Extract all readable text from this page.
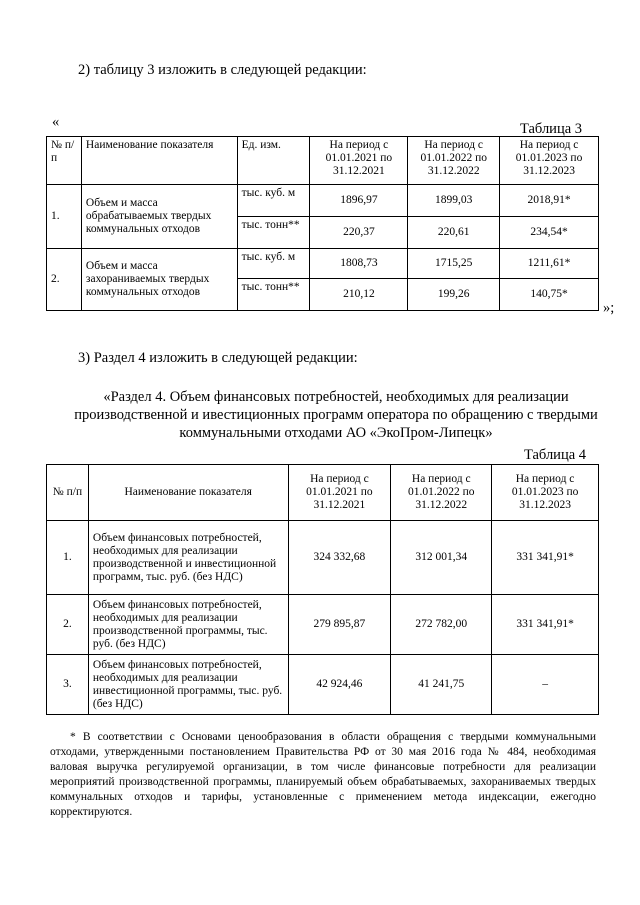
2) таблицу 3 изложить в следующей редакции:
«	Таблица 3
№ п/п	Наименование показателя	Ед. изм.	На период с 01.01.2021 по 31.12.2021	На период с 01.01.2022 по 31.12.2022	На период с 01.01.2023 по 31.12.2023
1.	Объем и масса обрабатываемых твердых коммунальных отходов	тыс. куб. м	1896,97	1899,03	2018,91*
		тыс. тонн**	220,37	220,61	234,54*
2.	Объем и масса захораниваемых твердых коммунальных отходов	тыс. куб. м	1808,73	1715,25	1211,61*
		тыс. тонн**	210,12	199,26	140,75*
»;
3) Раздел 4 изложить в следующей редакции:
«Раздел 4. Объем финансовых потребностей, необходимых для реализации производственной и ивестиционных программ оператора по обращению с твердыми коммунальными отходами АО «ЭкоПром-Липецк»
Таблица 4
№ п/п	Наименование показателя	На период с 01.01.2021 по 31.12.2021	На период с 01.01.2022 по 31.12.2022	На период с 01.01.2023 по 31.12.2023
1.	Объем финансовых потребностей, необходимых для реализации производственной и инвестиционной программ, тыс. руб. (без НДС)	324 332,68	312 001,34	331 341,91*
2.	Объем финансовых потребностей, необходимых для реализации производственной программы, тыс. руб. (без НДС)	279 895,87	272 782,00	331 341,91*
3.	Объем финансовых потребностей, необходимых для реализации инвестиционной программы, тыс. руб. (без НДС)	42 924,46	41 241,75	–
* В соответствии с Основами ценообразования в области обращения с твердыми коммунальными отходами, утвержденными постановлением Правительства РФ от 30 мая 2016 года № 484, необходимая валовая выручка регулируемой организации, в том числе финансовые потребности для реализации мероприятий производственной программы, планируемый объем обрабатываемых, захораниваемых твердых коммунальных отходов и тарифы, установленные с применением метода индексации, ежегодно корректируются.
